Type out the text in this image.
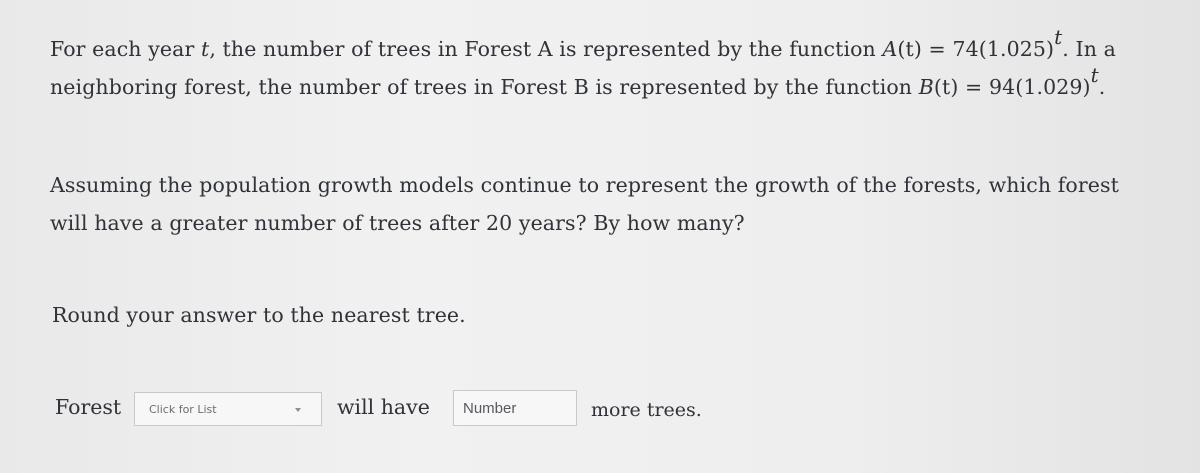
For each year t, the number of trees in Forest A is represented by the function $A(t) = 74(1.025)^t$. In a neighboring forest, the number of trees in Forest B is represented by the function $B(t) = 94(1.029)^t$.

Assuming the population growth models continue to represent the growth of the forests, which forest will have a greater number of trees after 20 years? By how many?

Round your answer to the nearest tree.

Forest	Click for List	will have
Number	more trees.
